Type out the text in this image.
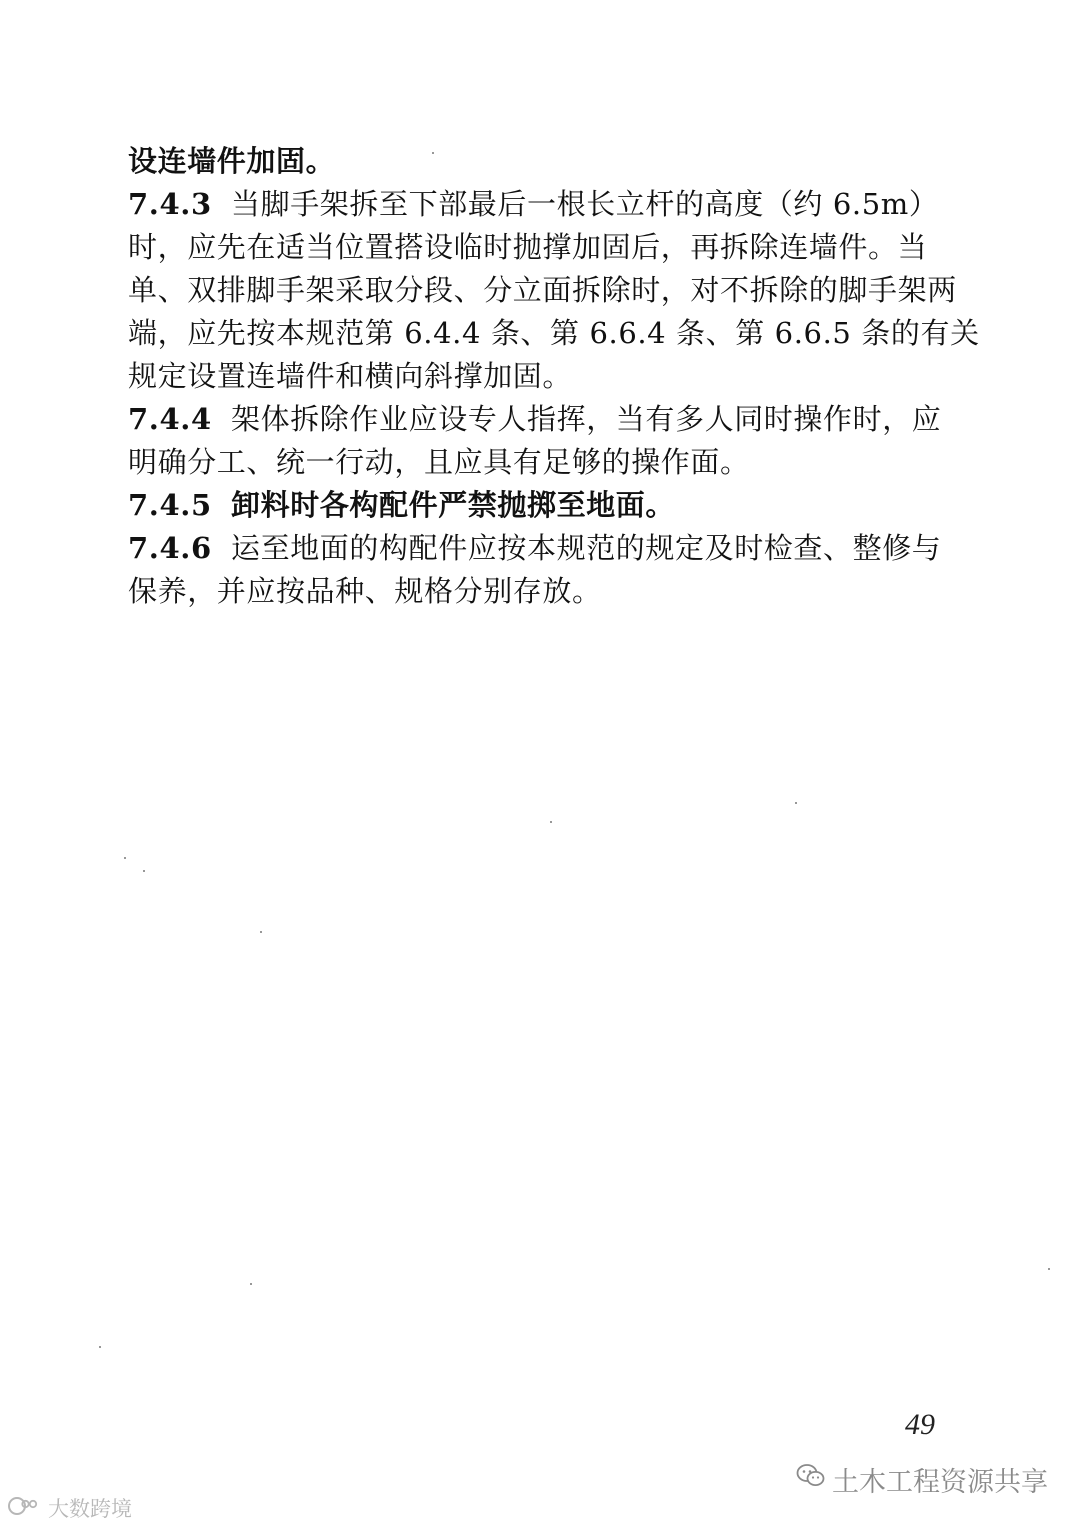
设连墙件加固。
7.4.3 当脚手架拆至下部最后一根长立杆的高度（约 6.5m）
时，应先在适当位置搭设临时抛撑加固后，再拆除连墙件。当
单、双排脚手架采取分段、分立面拆除时，对不拆除的脚手架两
端，应先按本规范第 6.4.4 条、第 6.6.4 条、第 6.6.5 条的有关
规定设置连墙件和横向斜撑加固。
7.4.4 架体拆除作业应设专人指挥，当有多人同时操作时，应
明确分工、统一行动，且应具有足够的操作面。
7.4.5 卸料时各构配件严禁抛掷至地面。
7.4.6 运至地面的构配件应按本规范的规定及时检查、整修与
保养，并应按品种、规格分别存放。
49
土木工程资源共享
大数跨境
